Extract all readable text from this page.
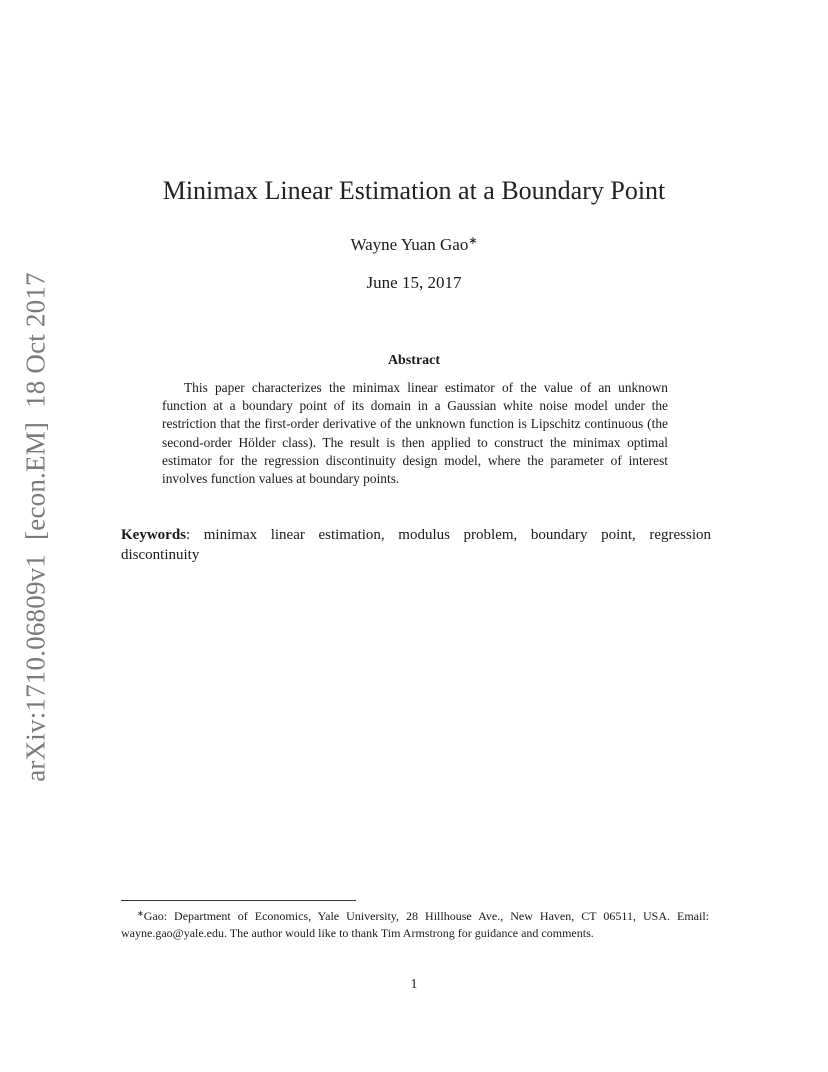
arXiv:1710.06809v1[econ.EM]18 Oct 2017
Minimax Linear Estimation at a Boundary Point
Wayne Yuan Gao∗
June 15, 2017
Abstract
This paper characterizes the minimax linear estimator of the value of an unknown function at a boundary point of its domain in a Gaussian white noise model under the restriction that the first-order derivative of the unknown function is Lipschitz continuous (the second-order Hölder class). The result is then applied to construct the minimax optimal estimator for the regression discontinuity design model, where the parameter of interest involves function values at boundary points.
Keywords: minimax linear estimation, modulus problem, boundary point, regression discontinuity
∗Gao: Department of Economics, Yale University, 28 Hillhouse Ave., New Haven, CT 06511, USA. Email: wayne.gao@yale.edu. The author would like to thank Tim Armstrong for guidance and comments.
1
